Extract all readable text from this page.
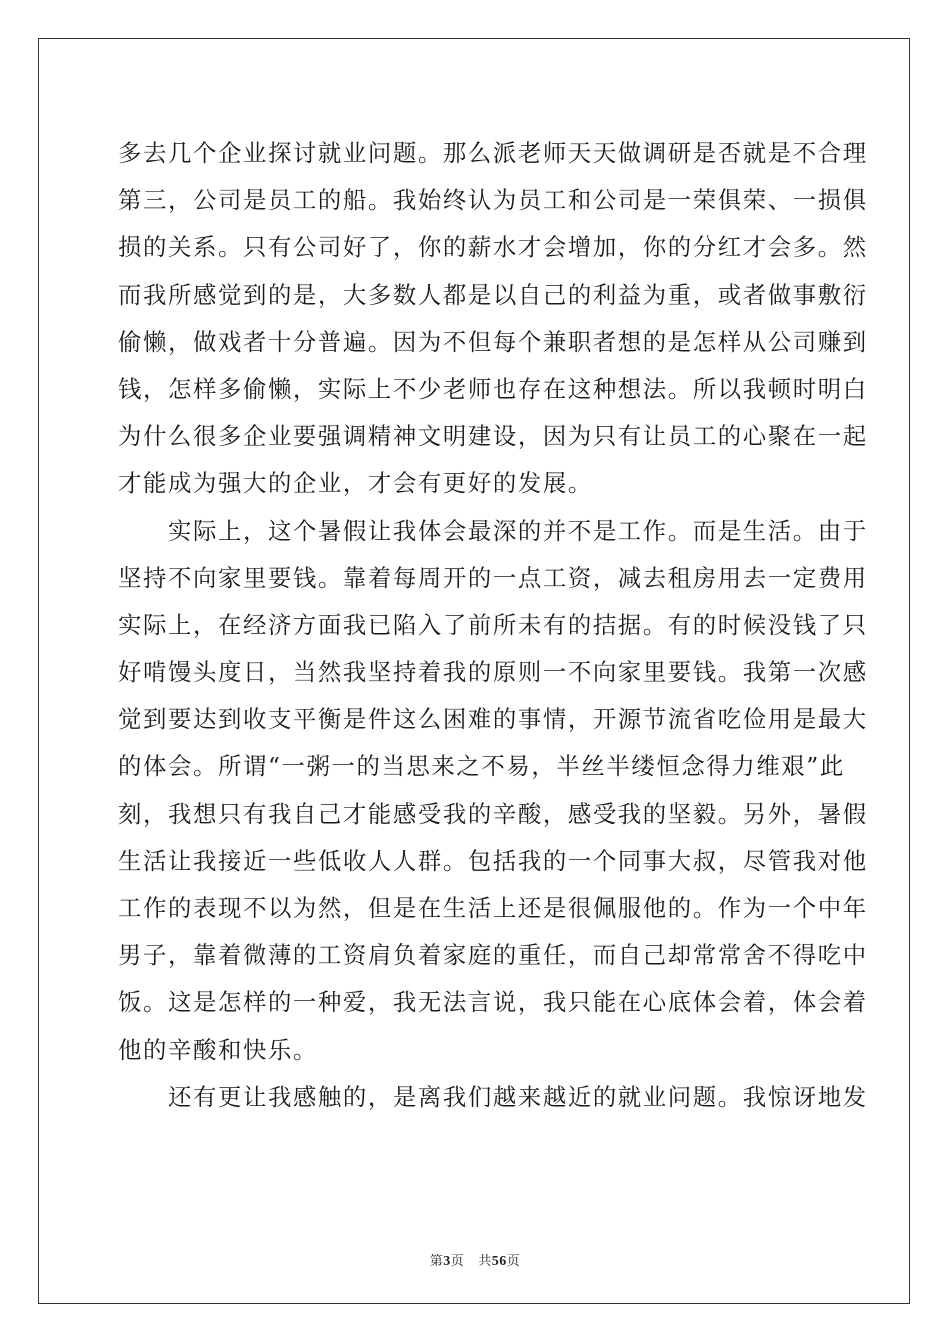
多去几个企业探讨就业问题。那么派老师天天做调研是否就是不合理
第三，公司是员工的船。我始终认为员工和公司是一荣俱荣、一损俱
损的关系。只有公司好了，你的薪水才会增加，你的分红才会多。然
而我所感觉到的是，大多数人都是以自己的利益为重，或者做事敷衍
偷懒，做戏者十分普遍。因为不但每个兼职者想的是怎样从公司赚到
钱，怎样多偷懒，实际上不少老师也存在这种想法。所以我顿时明白
为什么很多企业要强调精神文明建设，因为只有让员工的心聚在一起
才能成为强大的企业，才会有更好的发展。
　　实际上，这个暑假让我体会最深的并不是工作。而是生活。由于
坚持不向家里要钱。靠着每周开的一点工资，减去租房用去一定费用
实际上，在经济方面我已陷入了前所未有的拮据。有的时候没钱了只
好啃馒头度日，当然我坚持着我的原则一不向家里要钱。我第一次感
觉到要达到收支平衡是件这么困难的事情，开源节流省吃俭用是最大
的体会。所谓“一粥一的当思来之不易，半丝半缕恒念得力维艰”此
刻，我想只有我自己才能感受我的辛酸，感受我的坚毅。另外，暑假
生活让我接近一些低收人人群。包括我的一个同事大叔，尽管我对他
工作的表现不以为然，但是在生活上还是很佩服他的。作为一个中年
男子，靠着微薄的工资肩负着家庭的重任，而自己却常常舍不得吃中
饭。这是怎样的一种爱，我无法言说，我只能在心底体会着，体会着
他的辛酸和快乐。
　　还有更让我感触的，是离我们越来越近的就业问题。我惊讶地发
第3页 共56页
